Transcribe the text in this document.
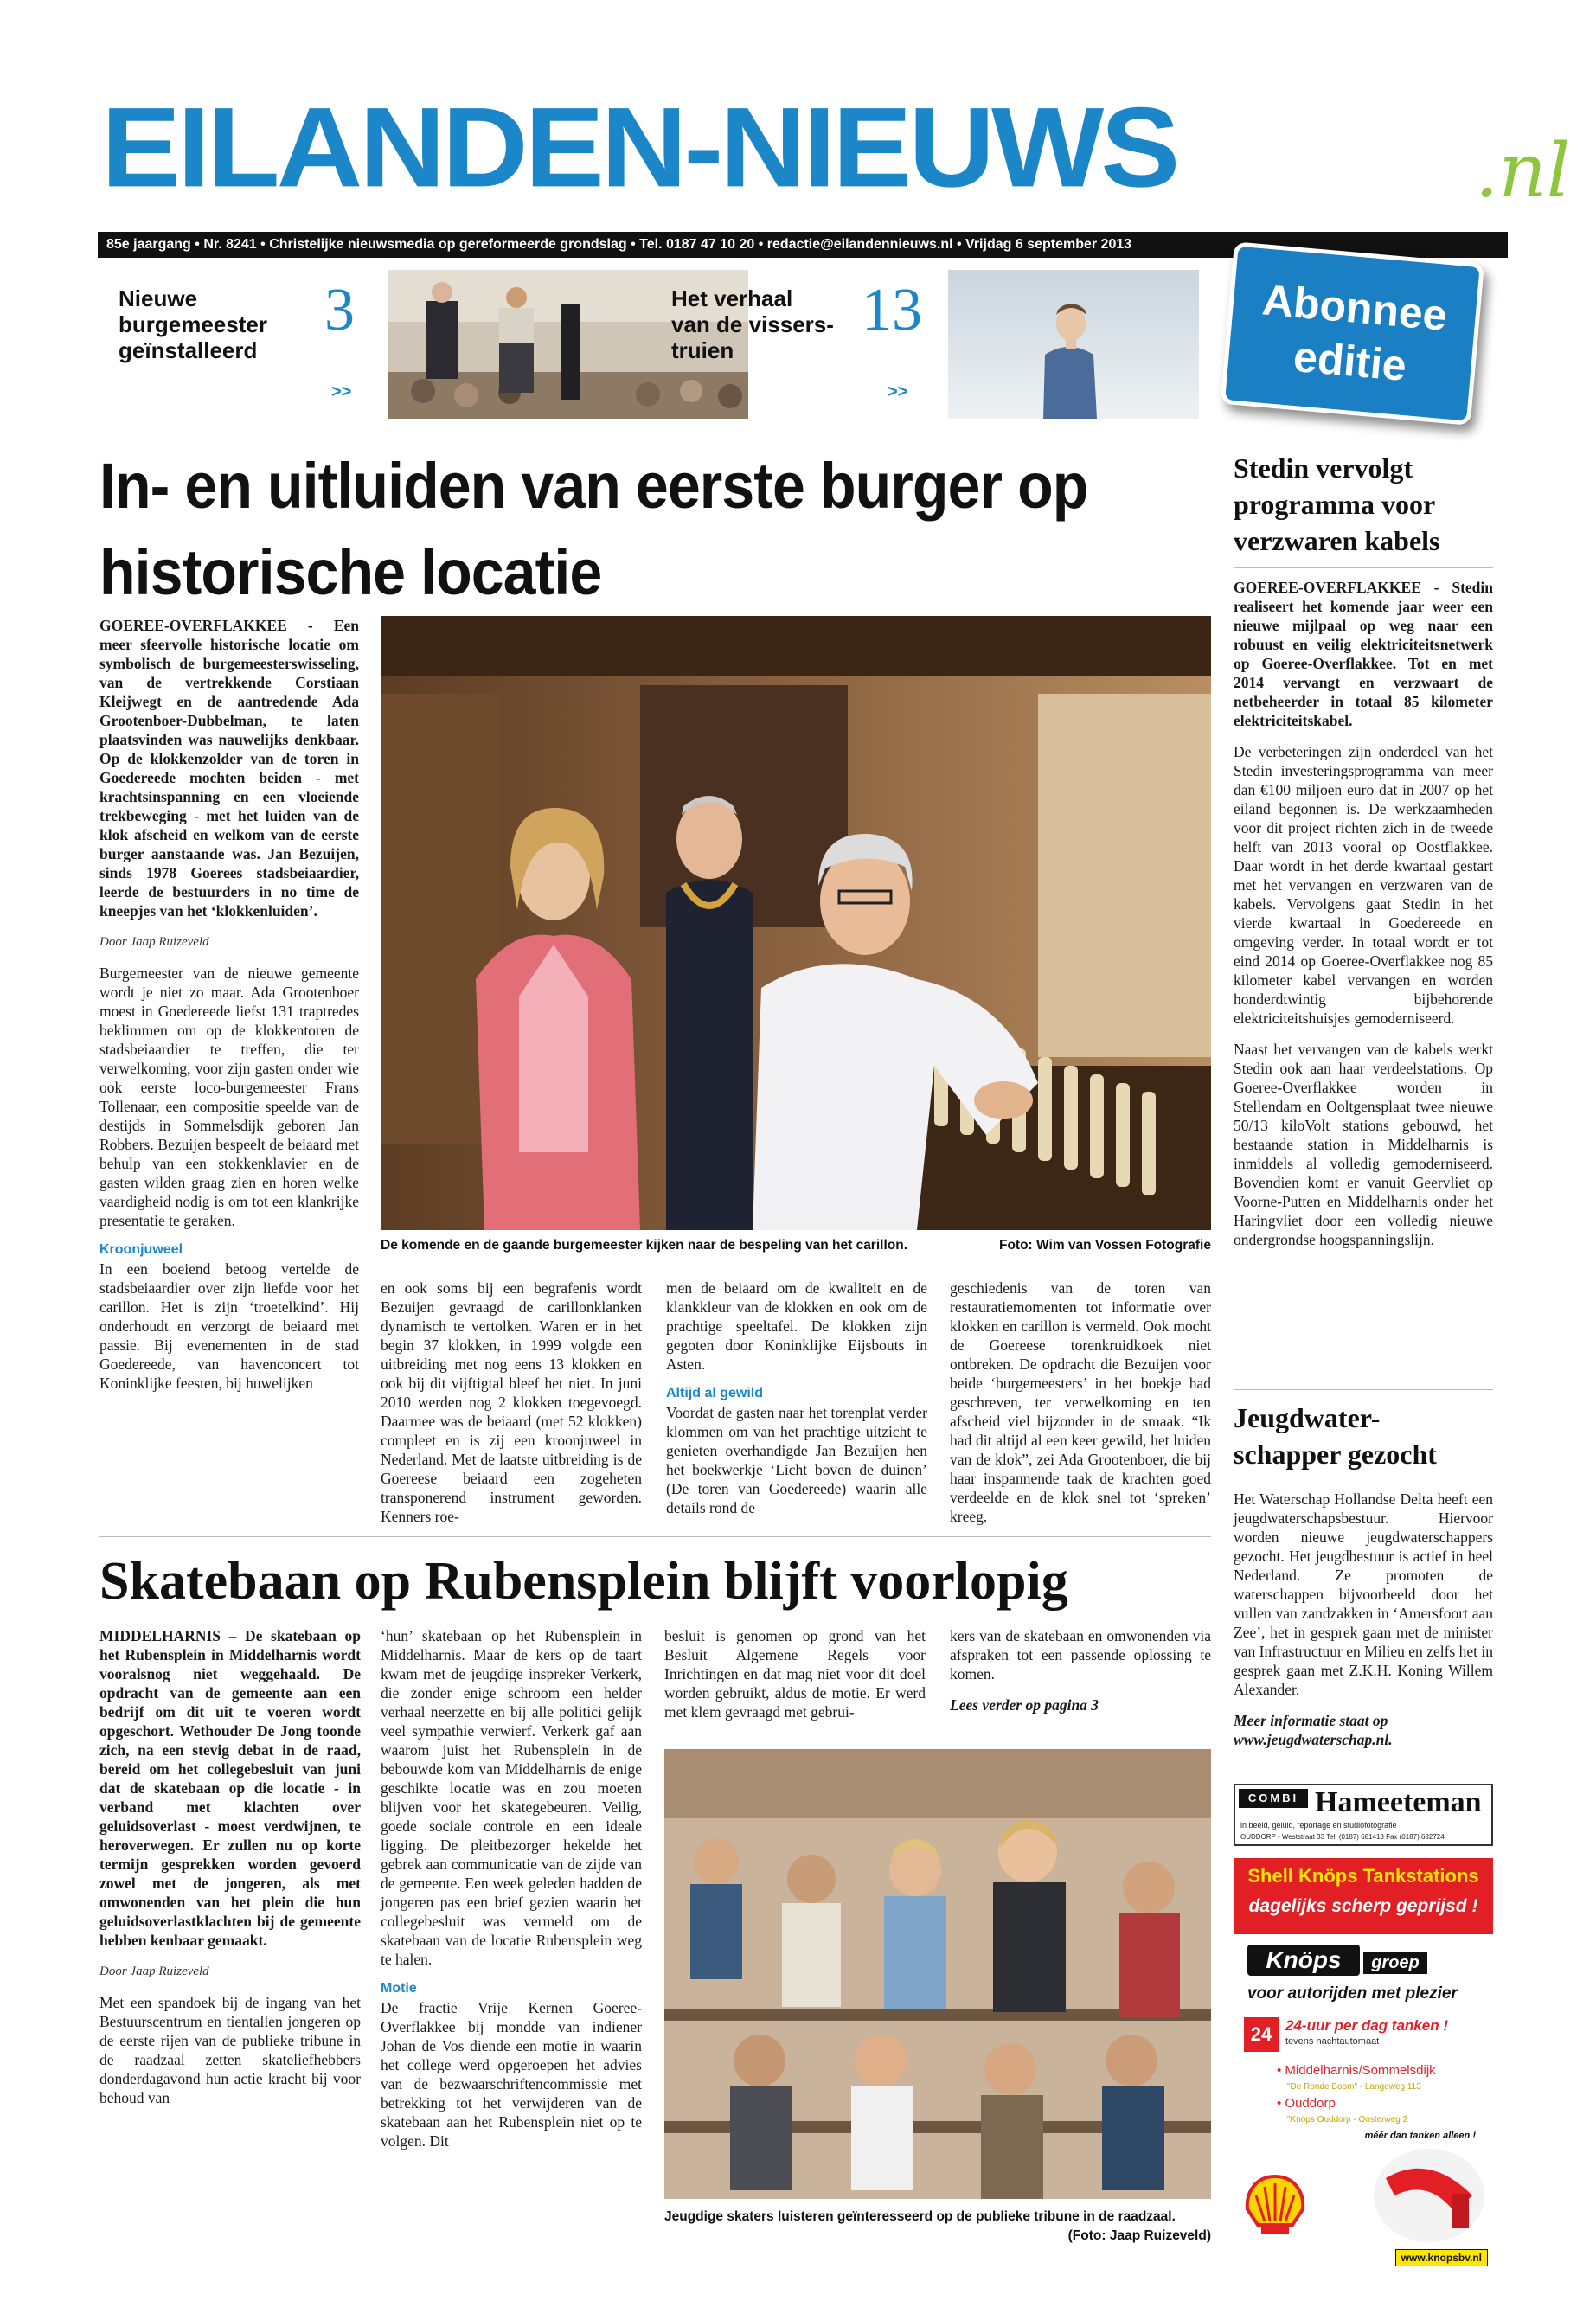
EILANDEN-NIEUWS	.nl
85e jaargang • Nr. 8241 • Christelijke nieuwsmedia op gereformeerde grondslag • Tel. 0187 47 10 20 • redactie@eilandennieuws.nl • Vrijdag 6 september 2013
Nieuwe
burgemeester
geïnstalleerd
3
>>
Het verhaal
van de vissers-
truien
13
>>
Abonnee
editie
In- en uitluiden van eerste burger op
historische locatie

GOEREE-OVERFLAKKEE - Een meer sfeervolle historische locatie om symbolisch de burgemeesterswisseling, van de vertrekkende Corstiaan Kleijwegt en de aantredende Ada Grootenboer-Dubbelman, te laten plaatsvinden was nauwelijks denkbaar. Op de klokkenzolder van de toren in Goedereede mochten beiden - met krachtsinspanning en een vloeiende trekbeweging - met het luiden van de klok afscheid en welkom van de eerste burger aanstaande was. Jan Bezuijen, sinds 1978 Goerees stadsbeiaardier, leerde de bestuurders in no time de kneepjes van het ‘klokkenluiden’.

Door Jaap Ruizeveld

Burgemeester van de nieuwe gemeente wordt je niet zo maar. Ada Grootenboer moest in Goedereede liefst 131 traptredes beklimmen om op de klokkentoren de stadsbeiaardier te treffen, die ter verwelkoming, voor zijn gasten onder wie ook eerste loco-burgemeester Frans Tollenaar, een compositie speelde van de destijds in Sommelsdijk geboren Jan Robbers. Bezuijen bespeelt de beiaard met behulp van een stokkenklavier en de gasten wilden graag zien en horen welke vaardigheid nodig is om tot een klankrijke presentatie te geraken.

Kroonjuweel

In een boeiend betoog vertelde de stadsbeiaardier over zijn liefde voor het carillon. Het is zijn ‘troetelkind’. Hij onderhoudt en verzorgt de beiaard met passie. Bij evenementen in de stad Goedereede, van havenconcert tot Koninklijke feesten, bij huwelijken

De komende en de gaande burgemeester kijken naar de bespeling van het carillon.	Foto: Wim van Vossen Fotografie

en ook soms bij een begrafenis wordt Bezuijen gevraagd de carillonklanken dynamisch te vertolken. Waren er in het begin 37 klokken, in 1999 volgde een uitbreiding met nog eens 13 klokken en ook bij dit vijftigtal bleef het niet. In juni 2010 werden nog 2 klokken toegevoegd. Daarmee was de beiaard (met 52 klokken) compleet en is zij een kroonjuweel in Nederland. Met de laatste uitbreiding is de Goereese beiaard een zogeheten transponerend instrument geworden. Kenners roe-

men de beiaard om de kwaliteit en de klankkleur van de klokken en ook om de prachtige speeltafel. De klokken zijn gegoten door Koninklijke Eijsbouts in Asten.

Altijd al gewild

Voordat de gasten naar het torenplat verder klommen om van het prachtige uitzicht te genieten overhandigde Jan Bezuijen hen het boekwerkje ‘Licht boven de duinen’ (De toren van Goedereede) waarin alle details rond de

geschiedenis van de toren van restauratiemomenten tot informatie over klokken en carillon is vermeld. Ook mocht de Goereese torenkruidkoek niet ontbreken. De opdracht die Bezuijen voor beide ‘burgemeesters’ in het boekje had geschreven, ter verwelkoming en ten afscheid viel bijzonder in de smaak. “Ik had dit altijd al een keer gewild, het luiden van de klok”, zei Ada Grootenboer, die bij haar inspannende taak de krachten goed verdeelde en de klok snel tot ‘spreken’ kreeg.

Stedin vervolgt
programma voor
verzwaren kabels

GOEREE-OVERFLAKKEE - Stedin realiseert het komende jaar weer een nieuwe mijlpaal op weg naar een robuust en veilig elektriciteitsnetwerk op Goeree-Overflakkee. Tot en met 2014 vervangt en verzwaart de netbeheerder in totaal 85 kilometer elektriciteitskabel.

De verbeteringen zijn onderdeel van het Stedin investeringsprogramma van meer dan €100 miljoen euro dat in 2007 op het eiland begonnen is. De werkzaamheden voor dit project richten zich in de tweede helft van 2013 vooral op Oostflakkee. Daar wordt in het derde kwartaal gestart met het vervangen en verzwaren van de kabels. Vervolgens gaat Stedin in het vierde kwartaal in Goedereede en omgeving verder. In totaal wordt er tot eind 2014 op Goeree-Overflakkee nog 85 kilometer kabel vervangen en worden honderdtwintig bijbehorende elektriciteitshuisjes gemoderniseerd.

Naast het vervangen van de kabels werkt Stedin ook aan haar verdeelstations. Op Goeree-Overflakkee worden in Stellendam en Ooltgensplaat twee nieuwe 50/13 kiloVolt stations gebouwd, het bestaande station in Middelharnis is inmiddels al volledig gemoderniseerd. Bovendien komt er vanuit Geervliet op Voorne-Putten en Middelharnis onder het Haringvliet door een volledig nieuwe ondergrondse hoogspanningslijn.

Jeugdwater-
schapper gezocht

Het Waterschap Hollandse Delta heeft een jeugdwaterschapsbestuur. Hiervoor worden nieuwe jeugdwaterschappers gezocht. Het jeugdbestuur is actief in heel Nederland. Ze promoten de waterschappen bijvoorbeeld door het vullen van zandzakken in ‘Amersfoort aan Zee’, het in gesprek gaan met de minister van Infrastructuur en Milieu en zelfs het in gesprek gaan met Z.K.H. Koning Willem Alexander.

Meer informatie staat op

www.jeugdwaterschap.nl.

Skatebaan op Rubensplein blijft voorlopig

MIDDELHARNIS – De skatebaan op het Rubensplein in Middelharnis wordt vooralsnog niet weggehaald. De opdracht van de gemeente aan een bedrijf om dit uit te voeren wordt opgeschort. Wethouder De Jong toonde zich, na een stevig debat in de raad, bereid om het collegebesluit van juni dat de skatebaan op die locatie - in verband met klachten over geluidsoverlast - moest verdwijnen, te heroverwegen. Er zullen nu op korte termijn gesprekken worden gevoerd zowel met de jongeren, als met omwonenden van het plein die hun geluidsoverlastklachten bij de gemeente hebben kenbaar gemaakt.

Door Jaap Ruizeveld

Met een spandoek bij de ingang van het Bestuurscentrum en tientallen jongeren op de eerste rijen van de publieke tribune in de raadzaal zetten skateliefhebbers donderdagavond hun actie kracht bij voor behoud van

‘hun’ skatebaan op het Rubensplein in Middelharnis. Maar de kers op de taart kwam met de jeugdige inspreker Verkerk, die zonder enige schroom een helder verhaal neerzette en bij alle politici gelijk veel sympathie verwierf. Verkerk gaf aan waarom juist het Rubensplein in de bebouwde kom van Middelharnis de enige geschikte locatie was en zou moeten blijven voor het skategebeuren. Veilig, goede sociale controle en een ideale ligging. De pleitbezorger hekelde het gebrek aan communicatie van de zijde van de gemeente. Een week geleden hadden de jongeren pas een brief gezien waarin het collegebesluit was vermeld om de skatebaan van de locatie Rubensplein weg te halen.

Motie

De fractie Vrije Kernen Goeree-Overflakkee bij mondde van indiener Johan de Vos diende een motie in waarin het college werd opgeroepen het advies van de bezwaarschriftencommissie met betrekking tot het verwijderen van de skatebaan aan het Rubensplein niet op te volgen. Dit

besluit is genomen op grond van het Besluit Algemene Regels voor Inrichtingen en dat mag niet voor dit doel worden gebruikt, aldus de motie. Er werd met klem gevraagd met gebrui-

kers van de skatebaan en omwonenden via afspraken tot een passende oplossing te komen.

Lees verder op pagina 3

Jeugdige skaters luisteren geïnteresseerd op de publieke tribune in de raadzaal.
(Foto: Jaap Ruizeveld)
COMBI Hameeteman
in beeld, geluid, reportage en studiofotografie
OUDDORP - Weststraat 33 Tel. (0187) 681413 Fax (0187) 682724
Shell Knöps Tankstations
dagelijks scherp geprijsd !
Knöps	groep
voor autorijden met plezier
24 24-uur per dag tanken !
tevens nachtautomaat
• Middelharnis/Sommelsdijk
"De Ronde Boom" - Langeweg 113
• Ouddorp
"Knöps Ouddorp - Oosterweg 2
méér dan tanken alleen !
www.knopsbv.nl
